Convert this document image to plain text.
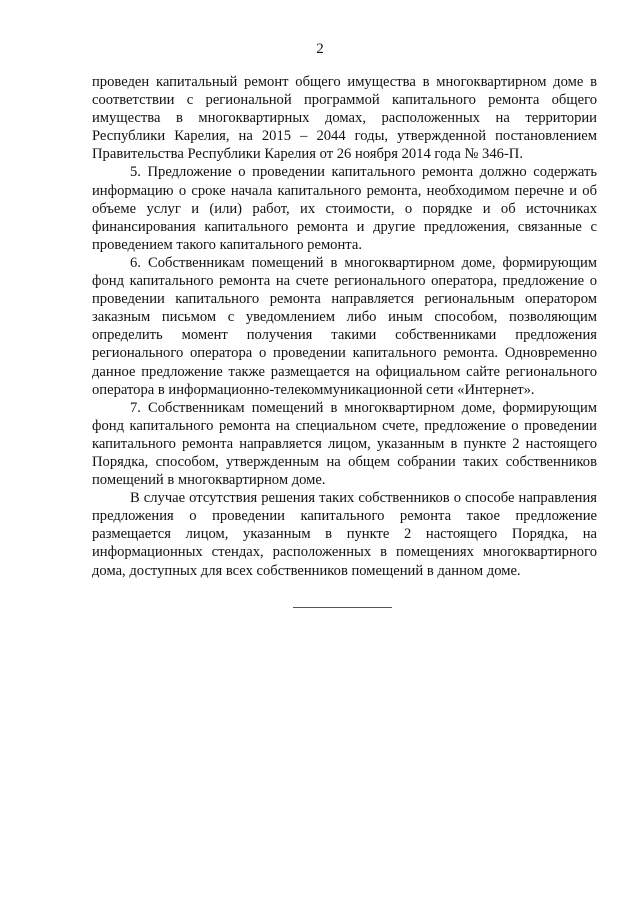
2

проведен капитальный ремонт общего имущества в многоквартирном доме в соответствии с региональной программой капитального ремонта общего имущества в многоквартирных домах, расположенных на территории Республики Карелия, на 2015 – 2044 годы, утвержденной постановлением Правительства Республики Карелия от 26 ноября 2014 года № 346-П.

5. Предложение о проведении капитального ремонта должно содержать информацию о сроке начала капитального ремонта, необходимом перечне и об объеме услуг и (или) работ, их стоимости, о порядке и об источниках финансирования капитального ремонта и другие предложения, связанные с проведением такого капитального ремонта.

6. Собственникам помещений в многоквартирном доме, формирующим фонд капитального ремонта на счете регионального оператора, предложение о проведении капитального ремонта направляется региональным оператором заказным письмом с уведомлением либо иным способом, позволяющим определить момент получения такими собственниками предложения регионального оператора о проведении капитального ремонта. Одновременно данное предложение также размещается на официальном сайте регионального оператора в информационно-телекоммуникационной сети «Интернет».

7. Собственникам помещений в многоквартирном доме, формирующим фонд капитального ремонта на специальном счете, предложение о проведении капитального ремонта направляется лицом, указанным в пункте 2 настоящего Порядка, способом, утвержденным на общем собрании таких собственников помещений в многоквартирном доме.

В случае отсутствия решения таких собственников о способе направления предложения о проведении капитального ремонта такое предложение размещается лицом, указанным в пункте 2 настоящего Порядка, на информационных стендах, расположенных в помещениях многоквартирного дома, доступных для всех собственников помещений в данном доме.
